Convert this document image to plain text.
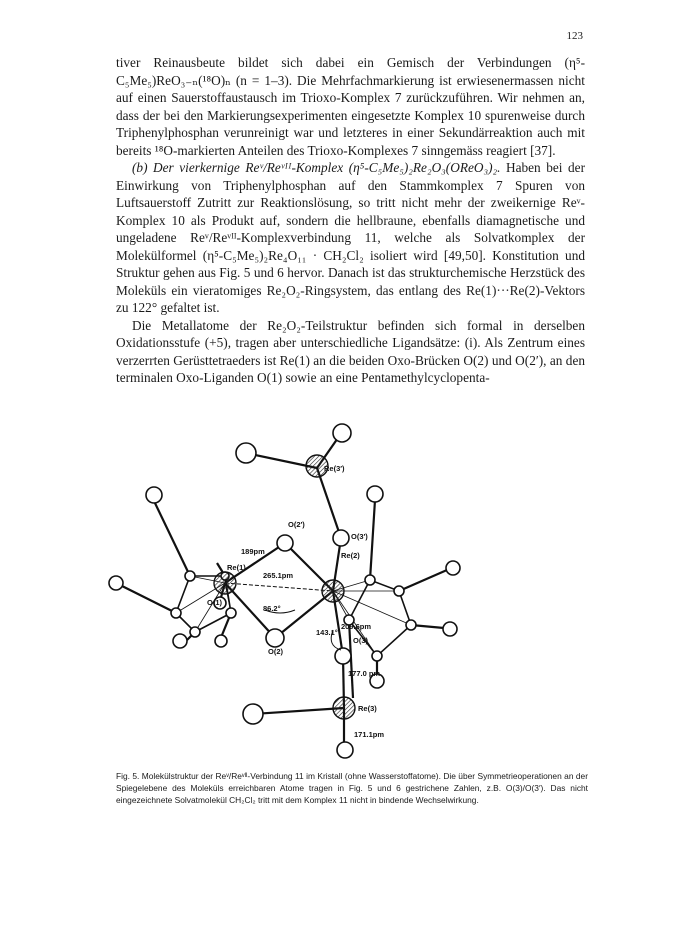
123

tiver Reinausbeute bildet sich dabei ein Gemisch der Verbindungen (η⁵-C₅Me₅)ReO₃₋ₙ(¹⁸O)ₙ (n = 1–3). Die Mehrfachmarkierung ist erwiesenermassen nicht auf einen Sauerstoffaustausch im Trioxo-Komplex 7 zurückzuführen. Wir nehmen an, dass der bei den Markierungsexperimenten eingesetzte Komplex 10 spurenweise durch Triphenylphosphan verunreinigt war und letzteres in einer Sekundärreaktion auch mit bereits ¹⁸O-markierten Anteilen des Trioxo-Komplexes 7 sinngemäss reagiert [37].

(b) Der vierkernige Reᵛ/Reᵛᴵᴵ-Komplex (η⁵-C₅Me₅)₂Re₂O₃(OReO₃)₂. Haben bei der Einwirkung von Triphenylphosphan auf den Stammkomplex 7 Spuren von Luftsauerstoff Zutritt zur Reaktionslösung, so tritt nicht mehr der zweikernige Reᵛ-Komplex 10 als Produkt auf, sondern die hellbraune, ebenfalls diamagnetische und ungeladene Reᵛ/Reᵛᴵᴵ-Komplexverbindung 11, welche als Solvatkomplex der Molekülformel (η⁵-C₅Me₅)₂Re₄O₁₁ · CH₂Cl₂ isoliert wird [49,50]. Konstitution und Struktur gehen aus Fig. 5 und 6 hervor. Danach ist das strukturchemische Herzstück des Moleküls ein vieratomiges Re₂O₂-Ringsystem, das entlang des Re(1)···Re(2)-Vektors zu 122° gefaltet ist.

Die Metallatome der Re₂O₂-Teilstruktur befinden sich formal in derselben Oxidationsstufe (+5), tragen aber unterschiedliche Ligandsätze: (i). Als Zentrum eines verzerrten Gerüsttetraeders ist Re(1) an die beiden Oxo-Brücken O(2) und O(2′), an den terminalen Oxo-Liganden O(1) sowie an eine Pentamethylcyclopenta-

Re(3′)
O(2′)
O(3′)
189pm	Re(2)
Re(1)
265.1pm
O(1)
86.2°
209.6pm
143.1°
O(3)
O(2)
177.0 pm
Re(3)
171.1pm
Fig. 5. Molekülstruktur der Reᵛ/Reᵛᴵᴵ-Verbindung 11 im Kristall (ohne Wasserstoffatome). Die über Symmetrieoperationen an der Spiegelebene des Moleküls erreichbaren Atome tragen in Fig. 5 und 6 gestrichene Zahlen, z.B. O(3)/O(3′). Das nicht eingezeichnete Solvatmolekül CH₂Cl₂ tritt mit dem Komplex 11 nicht in bindende Wechselwirkung.
